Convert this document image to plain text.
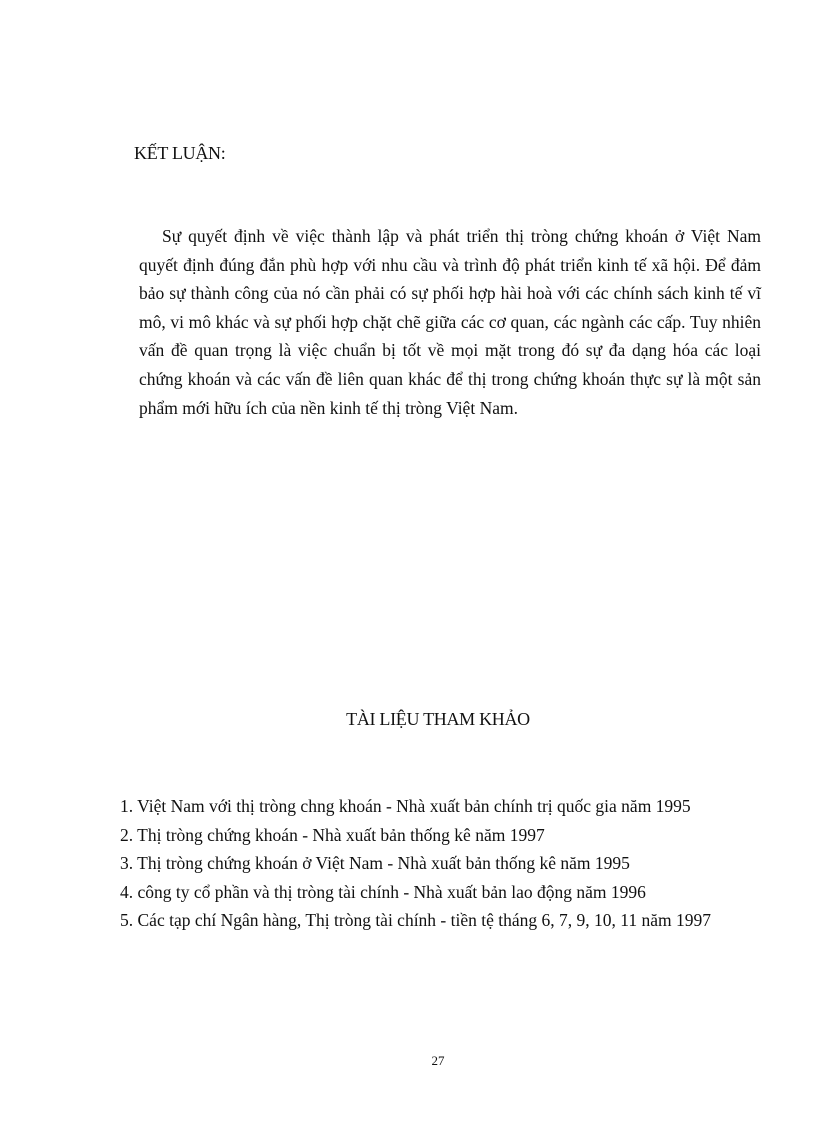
KẾT LUẬN:

Sự quyết định về việc thành lập và phát triển thị tròng chứng khoán ở Việt Nam quyết định đúng đắn phù hợp với nhu cầu và trình độ phát triển kinh tế xã hội. Để đảm bảo sự thành công của nó cần phải có sự phối hợp hài hoà với các chính sách kinh tế vĩ mô, vi mô khác và sự phối hợp chặt chẽ giữa các cơ quan, các ngành các cấp. Tuy nhiên vấn đề quan trọng là việc chuẩn bị tốt về mọi mặt trong đó sự đa dạng hóa các loại chứng khoán và các vấn đề liên quan khác để thị trong chứng khoán thực sự là một sản phẩm mới hữu ích của nền kinh tế thị tròng Việt Nam.

TÀI LIỆU THAM KHẢO
1. Việt Nam với thị tròng chng khoán - Nhà xuất bản chính trị quốc gia năm 1995
2. Thị tròng chứng khoán - Nhà xuất bản thống kê năm 1997
3. Thị tròng chứng khoán ở Việt Nam - Nhà xuất bản thống kê năm 1995
4. công ty cổ phần và thị tròng tài chính - Nhà xuất bản lao động năm 1996
5. Các tạp chí Ngân hàng, Thị tròng tài chính - tiền tệ tháng 6, 7, 9, 10, 11 năm 1997
27
